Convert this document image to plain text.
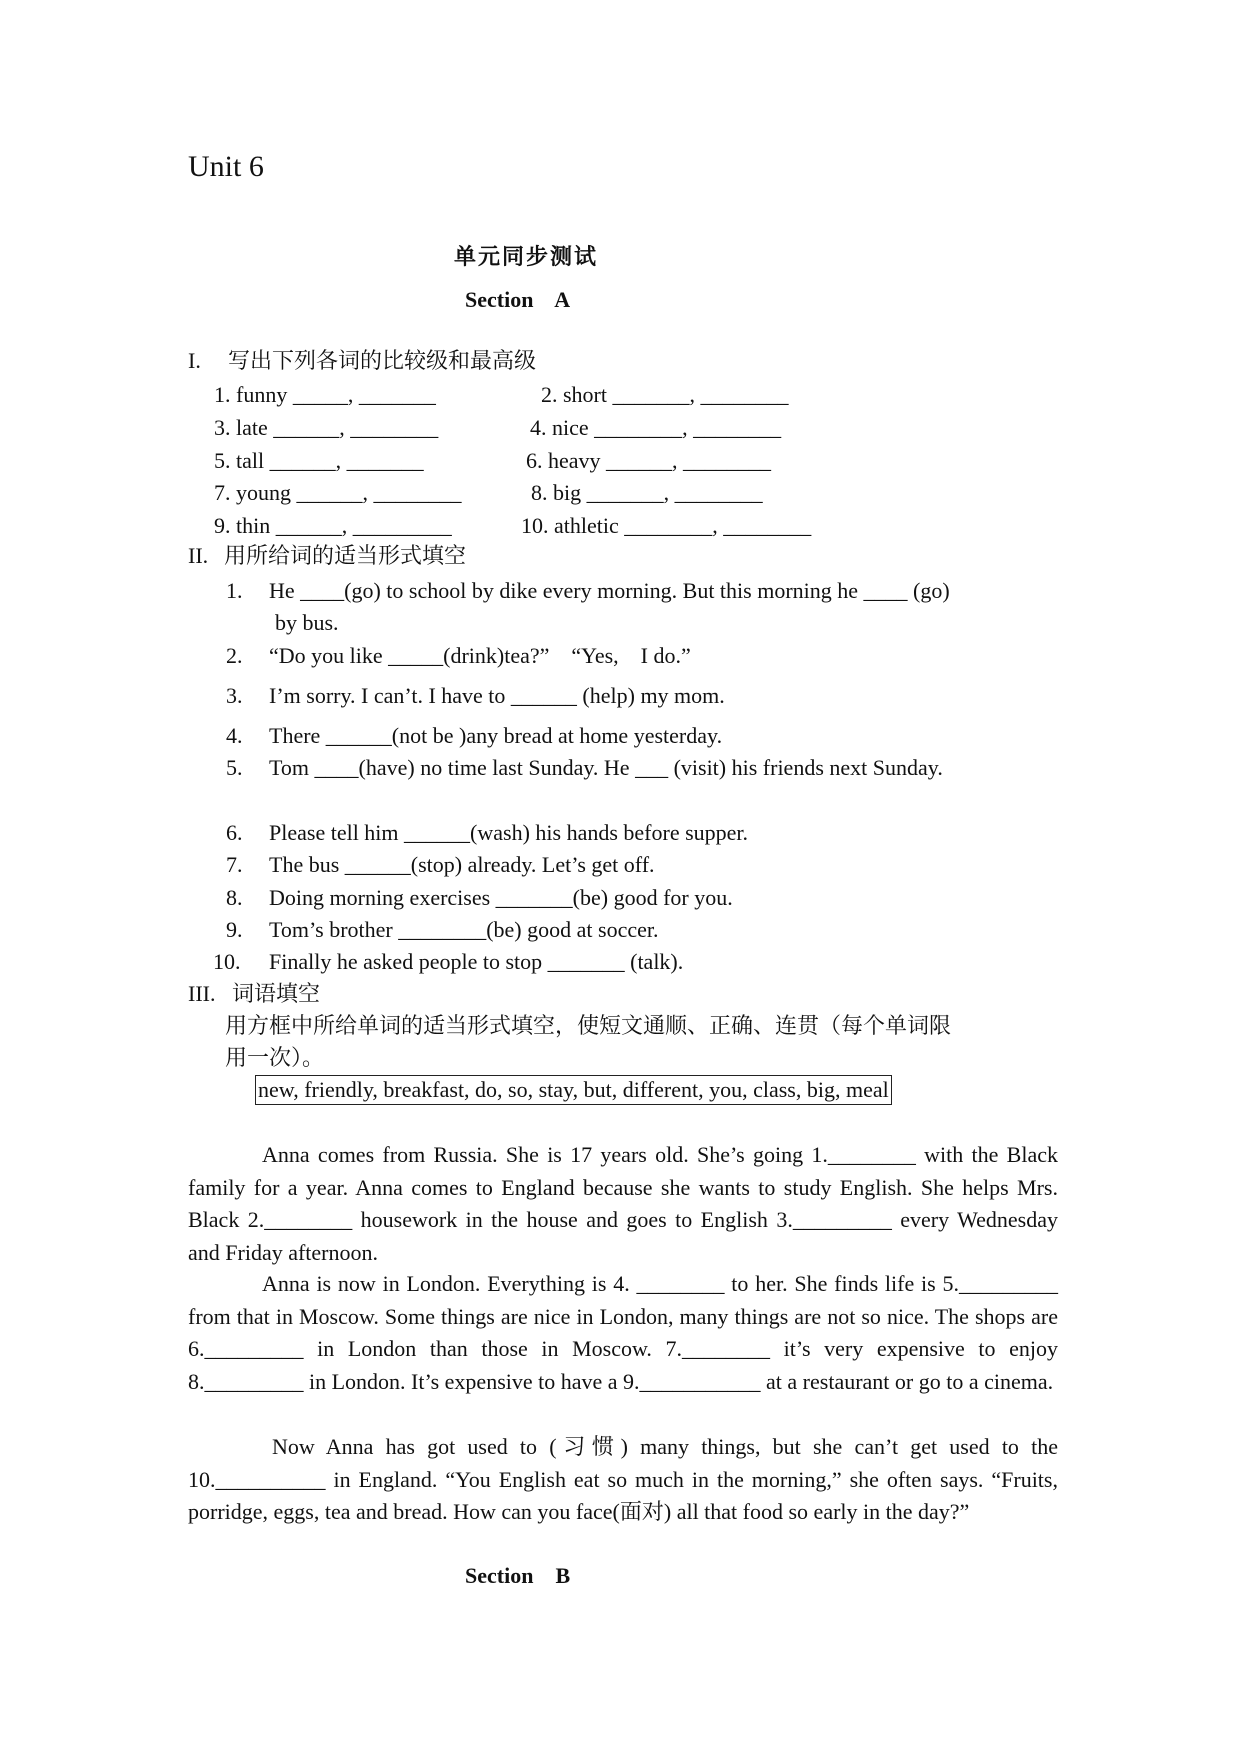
Unit 6
单元同步测试
Section    A
I. 写出下列各词的比较级和最高级
1. funny _____, _______	2. short _______, ________
3. late ______, ________	4. nice ________, ________
5. tall ______, _______	6. heavy ______, ________
7. young ______, ________	8. big _______, ________
9. thin ______, _________	10. athletic ________, ________
II. 用所给词的适当形式填空
1. He ____(go) to school by dike every morning. But this morning he ____ (go)
by bus.
2. “Do you like _____(drink)tea?”    “Yes,    I do.”
3. I’m sorry. I can’t. I have to ______ (help) my mom.
4. There ______(not be )any bread at home yesterday.
5. Tom ____(have) no time last Sunday. He ___ (visit) his friends next Sunday.
6. Please tell him ______(wash) his hands before supper.
7. The bus ______(stop) already. Let’s get off.
8. Doing morning exercises _______(be) good for you.
9. Tom’s brother ________(be) good at soccer.
10. Finally he asked people to stop _______ (talk).
III. 词语填空
用方框中所给单词的适当形式填空，使短文通顺、正确、连贯（每个单词限
用一次）。
new, friendly, breakfast, do, so, stay, but, different, you, class, big, meal
Anna comes from Russia. She is 17 years old. She’s going 1.________ with the Black family for a year. Anna comes to England because she wants to study English. She helps Mrs. Black 2.________ housework in the house and goes to English 3._________ every Wednesday and Friday afternoon.
Anna is now in London. Everything is 4. ________ to her. She finds life is 5._________ from that in Moscow. Some things are nice in London, many things are not so nice. The shops are 6._________ in London than those in Moscow. 7.________ it’s very expensive to enjoy 8._________ in London. It’s expensive to have a 9.___________ at a restaurant or go to a cinema.
Now Anna has got used to (习惯) many things, but she can’t get used to the 10.__________ in England. “You English eat so much in the morning,” she often says. “Fruits, porridge, eggs, tea and bread. How can you face(面对) all that food so early in the day?”
Section    B
